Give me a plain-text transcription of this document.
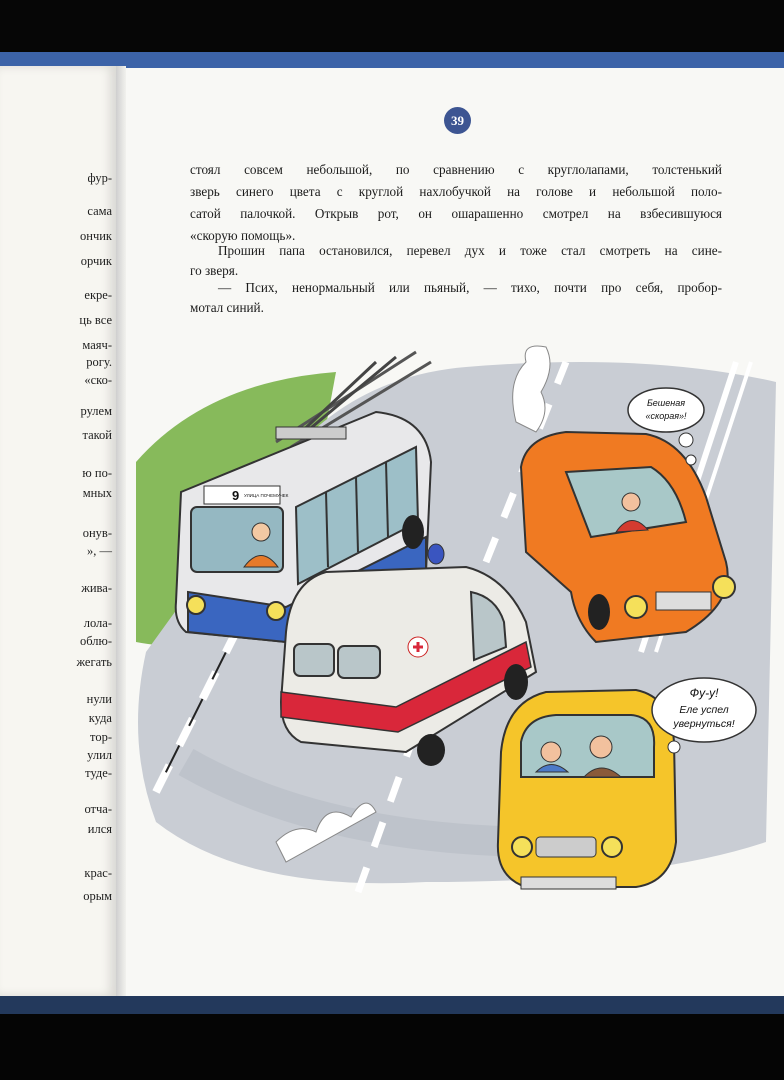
фур-
сама
ончик
орчик
екре-
ць все
маяч-
рогу.
«ско-
рулем
такой
ю по-
мных
онув-
», —
жива-
лола-
облю-
жегать
нули
куда
тор-
улил
туде-
отча-
ился
крас-
орым
39
стоял совсем небольшой, по сравнению с круглолапами, толстенький
зверь синего цвета с круглой нахлобучкой на голове и небольшой поло-
сатой палочкой. Открыв рот, он ошарашенно смотрел на взбесившуюся
«скорую помощь».
Прошин папа остановился, перевел дух и тоже стал смотреть на сине-
го зверя.
— Псих, ненормальный или пьяный, — тихо, почти про себя, пробор-
мотал синий.
9 УЛИЦА ПОЧЕМУЧЕК
Бешеная
«скорая»!
Фу-у!
Еле успел
увернуться!
